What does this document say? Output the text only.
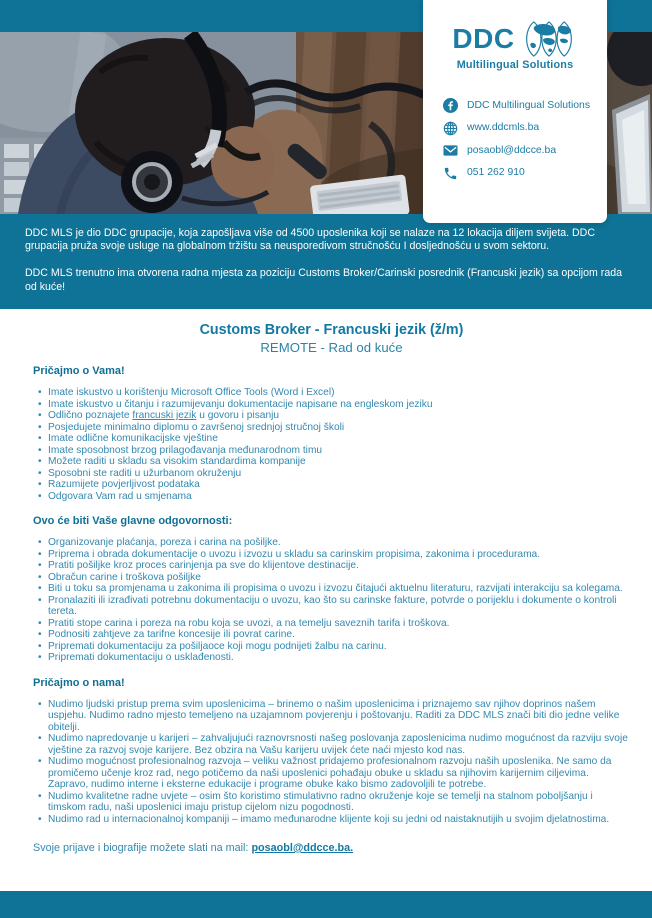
DDC MLS je dio DDC grupacije, koja zapošljava više od 4500 uposlenika koji se nalaze na 12 lokacija diljem svijeta. DDC grupacija pruža svoje usluge na globalnom tržištu sa neusporedivom stručnošću I dosljednošću u svom sektoru.

DDC MLS trenutno ima otvorena radna mjesta za poziciju Customs Broker/Carinski posrednik (Francuski jezik) sa opcijom rada od kuće!

DDC
Multilingual Solutions
DDC Multilingual Solutions
www.ddcmls.ba
posaobl@ddcce.ba
051 262 910
Customs Broker - Francuski jezik (ž/m)
REMOTE - Rad od kuće
Pričajmo o Vama!
• Imate iskustvo u korištenju Microsoft Office Tools (Word i Excel)
• Imate iskustvo u čitanju i razumijevanju dokumentacije napisane na engleskom jeziku
• Odlično poznajete francuski jezik u govoru i pisanju
• Posjedujete minimalno diplomu o završenoj srednjoj stručnoj školi
• Imate odlične komunikacijske vještine
• Imate sposobnost brzog prilagođavanja međunarodnom timu
• Možete raditi u skladu sa visokim standardima kompanije
• Sposobni ste raditi u užurbanom okruženju
• Razumijete povjerljivost podataka
• Odgovara Vam rad u smjenama
Ovo će biti Vaše glavne odgovornosti:
• Organizovanje plaćanja, poreza i carina na pošiljke.
• Priprema i obrada dokumentacije o uvozu i izvozu u skladu sa carinskim propisima, zakonima i procedurama.
• Pratiti pošiljke kroz proces carinjenja pa sve do klijentove destinacije.
• Obračun carine i troškova pošiljke
• Biti u toku sa promjenama u zakonima ili propisima o uvozu i izvozu čitajući aktuelnu literaturu, razvijati interakciju sa kolegama.
• Pronalaziti ili izrađivati potrebnu dokumentaciju o uvozu, kao što su carinske fakture, potvrde o porijeklu i dokumente o kontroli tereta.
• Pratiti stope carina i poreza na robu koja se uvozi, a na temelju saveznih tarifa i troškova.
• Podnositi zahtjeve za tarifne koncesije ili povrat carine.
• Pripremati dokumentaciju za pošiljaoce koji mogu podnijeti žalbu na carinu.
• Pripremati dokumentaciju o usklađenosti.
Pričajmo o nama!
• Nudimo ljudski pristup prema svim uposlenicima – brinemo o našim uposlenicima i priznajemo sav njihov doprinos našem uspjehu. Nudimo radno mjesto temeljeno na uzajamnom povjerenju i poštovanju. Raditi za DDC MLS znači biti dio jedne velike obitelji.
• Nudimo napredovanje u karijeri – zahvaljujući raznovrsnosti našeg poslovanja zaposlenicima nudimo mogućnost da razviju svoje vještine za razvoj svoje karijere. Bez obzira na Vašu karijeru uvijek ćete naći mjesto kod nas.
• Nudimo mogućnost profesionalnog razvoja – veliku važnost pridajemo profesionalnom razvoju naših uposlenika. Ne samo da promičemo učenje kroz rad, nego potičemo da naši uposlenici pohađaju obuke u skladu sa njihovim karijernim ciljevima. Zapravo, nudimo interne i eksterne edukacije i programe obuke kako bismo zadovoljili te potrebe.
• Nudimo kvalitetne radne uvjete – osim što koristimo stimulativno radno okruženje koje se temelji na stalnom poboljšanju i timskom radu, naši uposlenici imaju pristup cijelom nizu pogodnosti.
• Nudimo rad u internacionalnoj kompaniji – imamo međunarodne klijente koji su jedni od naistaknutijih u svojim djelatnostima.

Svoje prijave i biografije možete slati na mail: posaobl@ddcce.ba.
